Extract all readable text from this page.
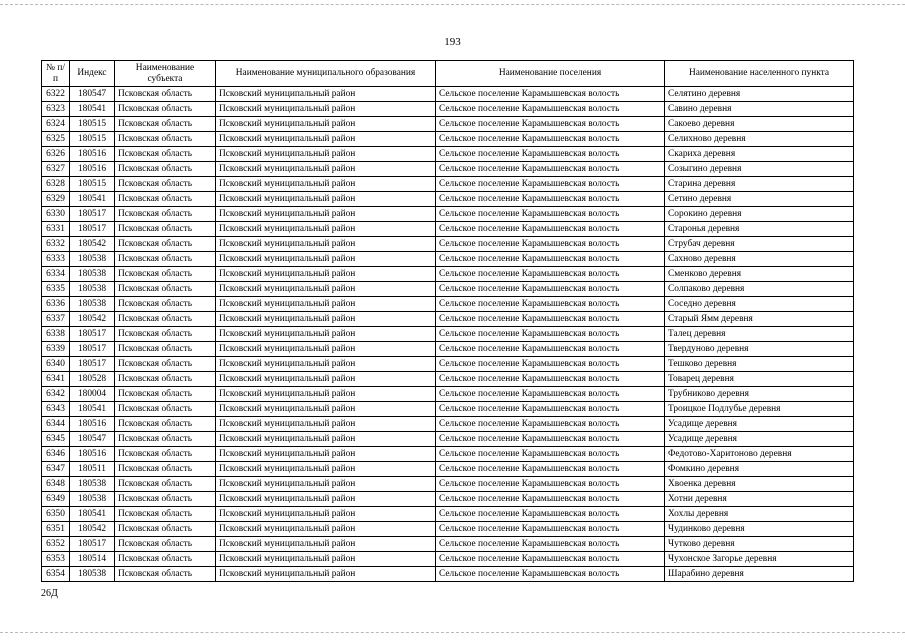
193
№ п/п	Индекс	Наименование субъекта	Наименование муниципального образования	Наименование поселения	Наименование населенного пункта
6322	180547	Псковская область	Псковский муниципальный район	Сельское поселение Карамышевская волость	Селятино деревня
6323	180541	Псковская область	Псковский муниципальный район	Сельское поселение Карамышевская волость	Савино деревня
6324	180515	Псковская область	Псковский муниципальный район	Сельское поселение Карамышевская волость	Сакоево деревня
6325	180515	Псковская область	Псковский муниципальный район	Сельское поселение Карамышевская волость	Селихново деревня
6326	180516	Псковская область	Псковский муниципальный район	Сельское поселение Карамышевская волость	Скариха деревня
6327	180516	Псковская область	Псковский муниципальный район	Сельское поселение Карамышевская волость	Созыгино деревня
6328	180515	Псковская область	Псковский муниципальный район	Сельское поселение Карамышевская волость	Старина деревня
6329	180541	Псковская область	Псковский муниципальный район	Сельское поселение Карамышевская волость	Сетино деревня
6330	180517	Псковская область	Псковский муниципальный район	Сельское поселение Карамышевская волость	Сорокино деревня
6331	180517	Псковская область	Псковский муниципальный район	Сельское поселение Карамышевская волость	Старонья деревня
6332	180542	Псковская область	Псковский муниципальный район	Сельское поселение Карамышевская волость	Струбач деревня
6333	180538	Псковская область	Псковский муниципальный район	Сельское поселение Карамышевская волость	Сахново деревня
6334	180538	Псковская область	Псковский муниципальный район	Сельское поселение Карамышевская волость	Сменково деревня
6335	180538	Псковская область	Псковский муниципальный район	Сельское поселение Карамышевская волость	Солпаково деревня
6336	180538	Псковская область	Псковский муниципальный район	Сельское поселение Карамышевская волость	Соседно деревня
6337	180542	Псковская область	Псковский муниципальный район	Сельское поселение Карамышевская волость	Старый Ямм деревня
6338	180517	Псковская область	Псковский муниципальный район	Сельское поселение Карамышевская волость	Талец деревня
6339	180517	Псковская область	Псковский муниципальный район	Сельское поселение Карамышевская волость	Твердуново деревня
6340	180517	Псковская область	Псковский муниципальный район	Сельское поселение Карамышевская волость	Тешково деревня
6341	180528	Псковская область	Псковский муниципальный район	Сельское поселение Карамышевская волость	Товарец деревня
6342	180004	Псковская область	Псковский муниципальный район	Сельское поселение Карамышевская волость	Трубниково деревня
6343	180541	Псковская область	Псковский муниципальный район	Сельское поселение Карамышевская волость	Троицкое Подлубье деревня
6344	180516	Псковская область	Псковский муниципальный район	Сельское поселение Карамышевская волость	Усадище деревня
6345	180547	Псковская область	Псковский муниципальный район	Сельское поселение Карамышевская волость	Усадище деревня
6346	180516	Псковская область	Псковский муниципальный район	Сельское поселение Карамышевская волость	Федотово-Харитоново деревня
6347	180511	Псковская область	Псковский муниципальный район	Сельское поселение Карамышевская волость	Фомкино деревня
6348	180538	Псковская область	Псковский муниципальный район	Сельское поселение Карамышевская волость	Хвоенка деревня
6349	180538	Псковская область	Псковский муниципальный район	Сельское поселение Карамышевская волость	Хотни деревня
6350	180541	Псковская область	Псковский муниципальный район	Сельское поселение Карамышевская волость	Хохлы деревня
6351	180542	Псковская область	Псковский муниципальный район	Сельское поселение Карамышевская волость	Чудинково деревня
6352	180517	Псковская область	Псковский муниципальный район	Сельское поселение Карамышевская волость	Чутково деревня
6353	180514	Псковская область	Псковский муниципальный район	Сельское поселение Карамышевская волость	Чухонское Загорье деревня
6354	180538	Псковская область	Псковский муниципальный район	Сельское поселение Карамышевская волость	Шарабино деревня
26Д
